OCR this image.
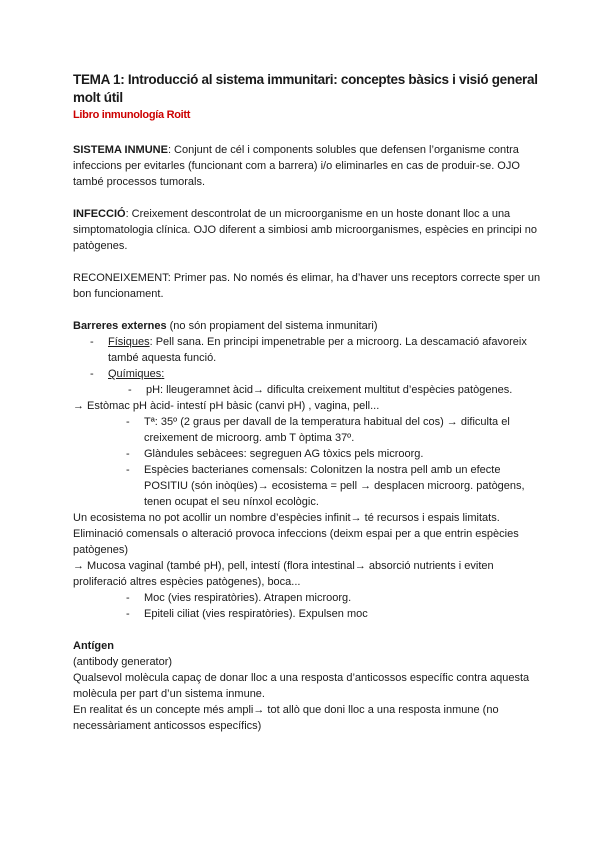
TEMA 1: Introducció al sistema immunitari: conceptes bàsics i visió general molt útil

Libro inmunología Roitt

SISTEMA INMUNE: Conjunt de cél i components solubles que defensen l’organisme contra infeccions per evitarles (funcionant com a barrera) i/o eliminarles en cas de produir-se. OJO també processos tumorals.

INFECCIÓ: Creixement descontrolat de un microorganisme en un hoste donant lloc a una simptomatologia clínica. OJO diferent a simbiosi amb microorganismes, espècies en principi no patògenes.

RECONEIXEMENT: Primer pas. No només és elimar, ha d’haver uns receptors correcte sper un bon funcionament.

Barreres externes (no són propiament del sistema inmunitari)

- Físiques: Pell sana. En principi impenetrable per a microorg. La descamació afavoreix també aquesta funció.
- Químiques:
- pH: lleugeramnet àcid→ dificulta creixement multitut d’espècies patògenes.

→ Estòmac pH àcid- intestí pH bàsic (canvi pH) , vagina, pell...

- Tª: 35º (2 graus per davall de la temperatura habitual del cos) → dificulta el creixement de microorg. amb T òptima 37º.
- Glàndules sebàcees: segreguen AG tòxics pels microorg.
- Espècies bacterianes comensals: Colonitzen la nostra pell amb un efecte POSITIU (són inòqües)→ ecosistema = pell → desplacen microorg. patògens, tenen ocupat el seu nínxol ecològic.

Un ecosistema no pot acollir un nombre d’espècies infinit→ té recursos i espais limitats.

Eliminació comensals o alteració provoca infeccions (deixm espai per a que entrin espècies patògenes)

→ Mucosa vaginal (també pH), pell, intestí (flora intestinal→ absorció nutrients i eviten proliferació altres espècies patògenes), boca...

- Moc (vies respiratòries). Atrapen microorg.
- Epiteli ciliat (vies respiratòries). Expulsen moc

Antígen

(antibody generator)

Qualsevol molècula capaç de donar lloc a una resposta d’anticossos específic contra aquesta molècula per part d’un sistema inmune.

En realitat és un concepte més ampli→ tot allò que doni lloc a una resposta inmune (no necessàriament anticossos específics)
